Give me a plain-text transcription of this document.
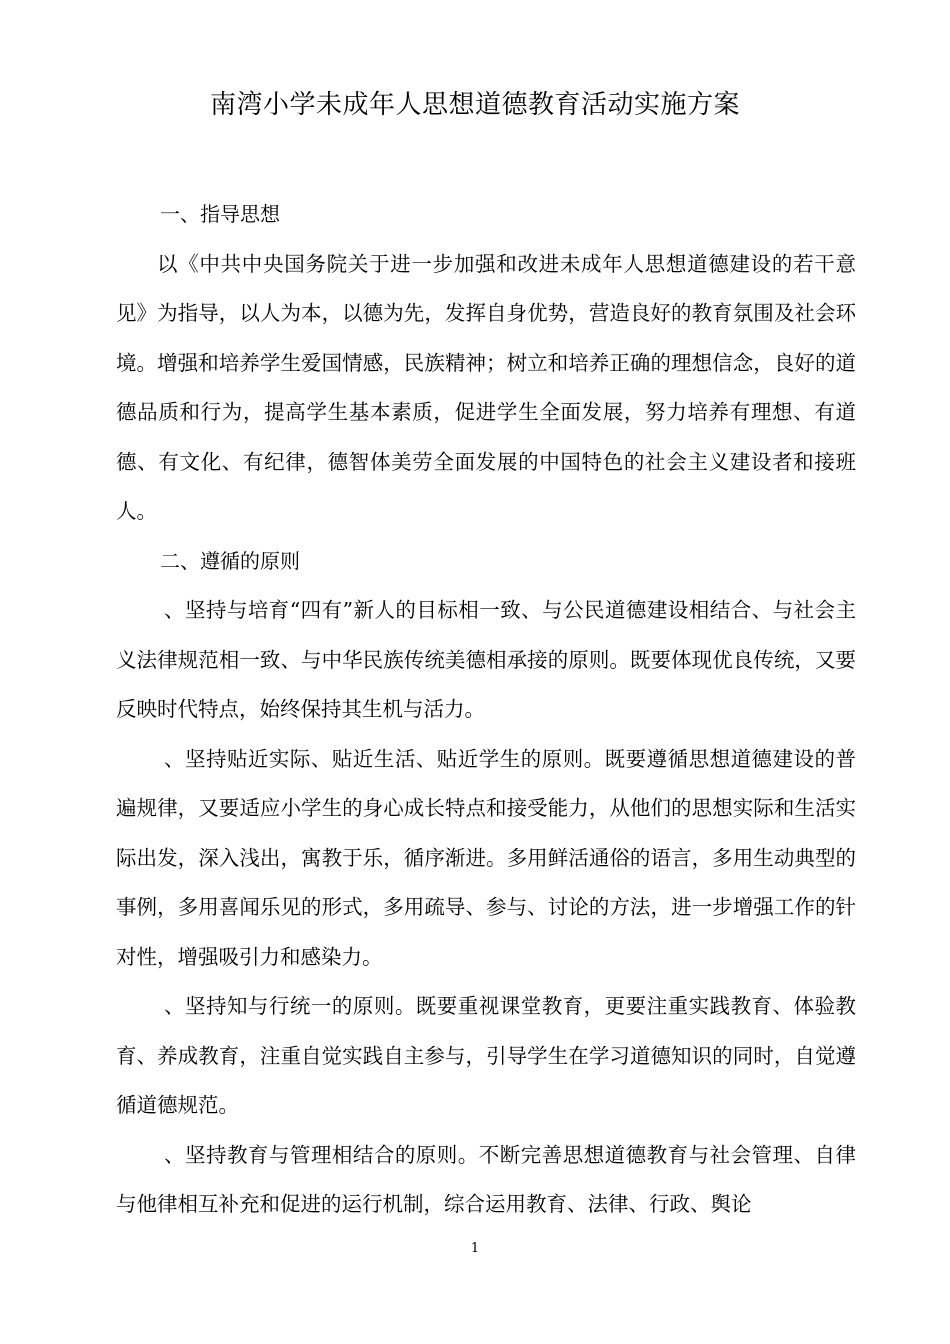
南湾小学未成年人思想道德教育活动实施方案

一、指导思想

以《中共中央国务院关于进一步加强和改进未成年人思想道德建设的若干意见》为指导，以人为本，以德为先，发挥自身优势，营造良好的教育氛围及社会环境。增强和培养学生爱国情感，民族精神；树立和培养正确的理想信念，良好的道德品质和行为，提高学生基本素质，促进学生全面发展，努力培养有理想、有道德、有文化、有纪律，德智体美劳全面发展的中国特色的社会主义建设者和接班人。

二、遵循的原则

、坚持与培育“四有”新人的目标相一致、与公民道德建设相结合、与社会主义法律规范相一致、与中华民族传统美德相承接的原则。既要体现优良传统，又要反映时代特点，始终保持其生机与活力。

、坚持贴近实际、贴近生活、贴近学生的原则。既要遵循思想道德建设的普遍规律，又要适应小学生的身心成长特点和接受能力，从他们的思想实际和生活实际出发，深入浅出，寓教于乐，循序渐进。多用鲜活通俗的语言，多用生动典型的事例，多用喜闻乐见的形式，多用疏导、参与、讨论的方法，进一步增强工作的针对性，增强吸引力和感染力。

、坚持知与行统一的原则。既要重视课堂教育，更要注重实践教育、体验教育、养成教育，注重自觉实践自主参与，引导学生在学习道德知识的同时，自觉遵循道德规范。

、坚持教育与管理相结合的原则。不断完善思想道德教育与社会管理、自律与他律相互补充和促进的运行机制，综合运用教育、法律、行政、舆论

1
